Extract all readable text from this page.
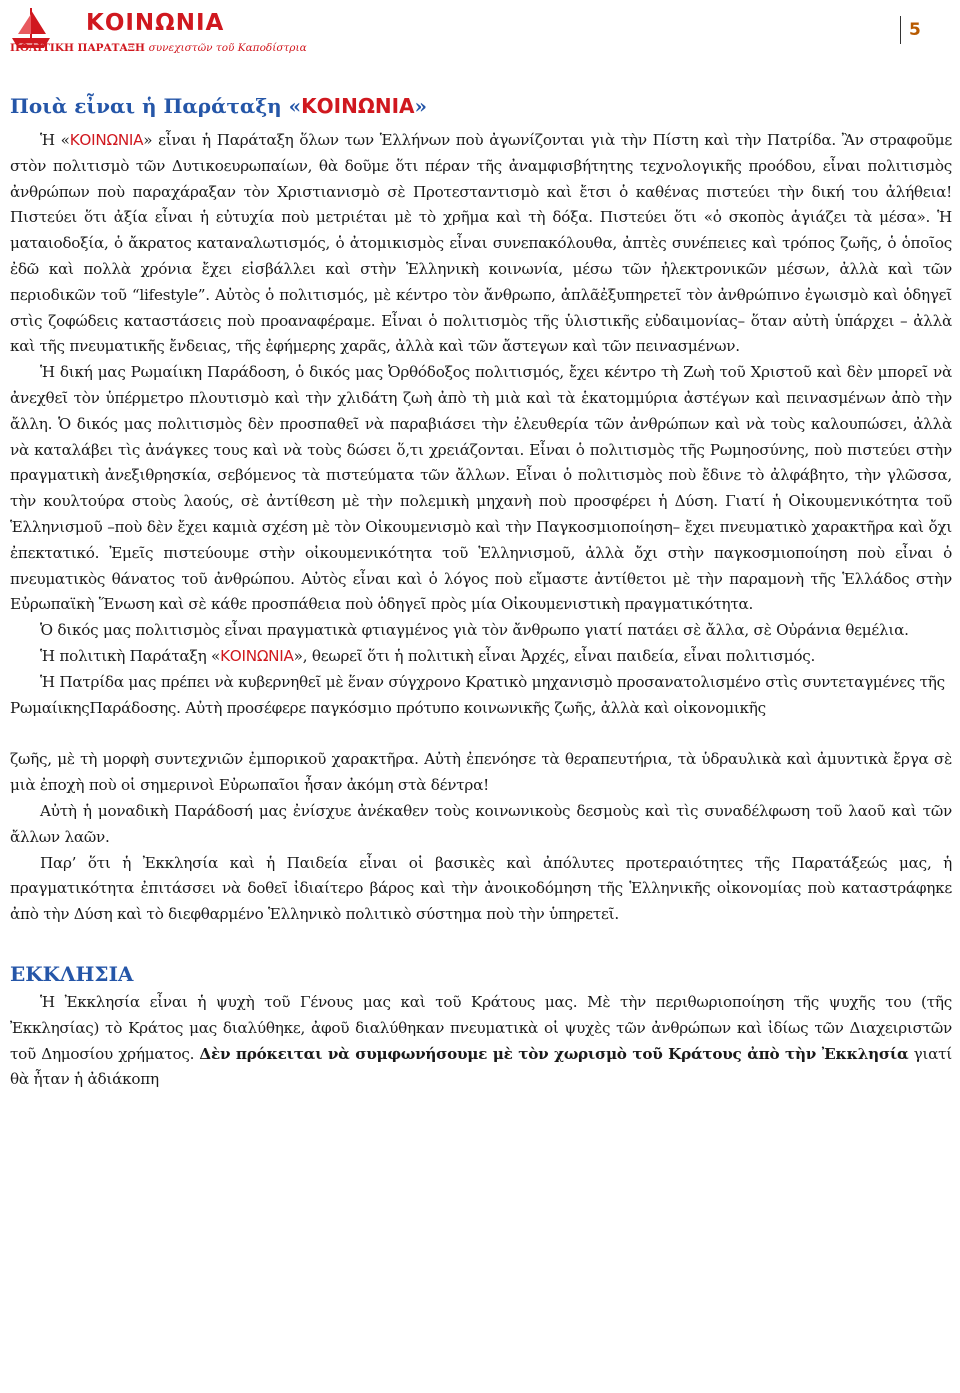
ΚΟΙΝΩΝΙΑ
ΠΟΛΙΤΙΚΗ ΠΑΡΑΤΑΞΗ συνεχιστῶν τοῦ Καποδίστρια
5
Ποιὰ εἶναι ἡ Παράταξη «ΚΟΙΝΩΝΙΑ»

Ἡ «ΚΟΙΝΩΝΙΑ» εἶναι ἡ Παράταξη ὅλων των Ἑλλήνων ποὺ ἀγωνίζονται γιὰ τὴν Πίστη καὶ τὴν Πατρίδα. Ἂν στραφοῦμε στὸν πολιτισμὸ τῶν Δυτικοευρωπαίων, θὰ δοῦμε ὅτι πέραν τῆς ἀναμφισβήτητης τεχνολογικῆς προόδου, εἶναι πολιτισμὸς ἀνθρώπων ποὺ παραχάραξαν τὸν Χριστιανισμὸ σὲ Προτεσταντισμὸ καὶ ἔτσι ὁ καθένας πιστεύει τὴν δική του ἀλήθεια! Πιστεύει ὅτι ἀξία εἶναι ἡ εὐτυχία ποὺ μετριέται μὲ τὸ χρῆμα καὶ τὴ δόξα. Πιστεύει ὅτι «ὁ σκοπὸς ἁγιάζει τὰ μέσα». Ἡ ματαιοδοξία, ὁ ἄκρατος καταναλωτισμός, ὁ ἀτομικισμὸς εἶναι συνεπακόλουθα, ἀπτὲς συνέπειες καὶ τρόπος ζωῆς, ὁ ὁποῖος ἐδῶ καὶ πολλὰ χρόνια ἔχει εἰσβάλλει καὶ στὴν Ἑλληνικὴ κοινωνία, μέσω τῶν ἠλεκτρονικῶν μέσων, ἀλλὰ καὶ τῶν περιοδικῶν τοῦ “lifestyle”. Αὐτὸς ὁ πολιτισμός, μὲ κέντρο τὸν ἄνθρωπο, ἀπλᾶἐξυπηρετεῖ τὸν ἀνθρώπινο ἐγωισμὸ καὶ ὁδηγεῖ στὶς ζοφώδεις καταστάσεις ποὺ προαναφέραμε. Εἶναι ὁ πολιτισμὸς τῆς ὑλιστικῆς εὐδαιμονίας– ὅταν αὐτὴ ὑπάρχει – ἀλλὰ καὶ τῆς πνευματικῆς ἔνδειας, τῆς ἐφήμερης χαρᾶς, ἀλλὰ καὶ τῶν ἄστεγων καὶ τῶν πεινασμένων.

Ἡ δική μας Ρωμαίικη Παράδοση, ὁ δικός μας Ὀρθόδοξος πολιτισμός, ἔχει κέντρο τὴ Ζωὴ τοῦ Χριστοῦ καὶ δὲν μπορεῖ νὰ ἀνεχθεῖ τὸν ὑπέρμετρο πλουτισμὸ καὶ τὴν χλιδάτη ζωὴ ἀπὸ τὴ μιὰ καὶ τὰ ἑκατομμύρια ἀστέγων καὶ πεινασμένων ἀπὸ τὴν ἄλλη. Ὁ δικός μας πολιτισμὸς δὲν προσπαθεῖ νὰ παραβιάσει τὴν ἐλευθερία τῶν ἀνθρώπων καὶ νὰ τοὺς καλουπώσει, ἀλλὰ νὰ καταλάβει τὶς ἀνάγκες τους καὶ νὰ τοὺς δώσει ὅ,τι χρειάζονται. Εἶναι ὁ πολιτισμὸς τῆς Ρωμηοσύνης, ποὺ πιστεύει στὴν πραγματικὴ ἀνεξιθρησκία, σεβόμενος τὰ πιστεύματα τῶν ἄλλων. Εἶναι ὁ πολιτισμὸς ποὺ ἔδινε τὸ ἀλφάβητο, τὴν γλῶσσα, τὴν κουλτούρα στοὺς λαούς, σὲ ἀντίθεση μὲ τὴν πολεμικὴ μηχανὴ ποὺ προσφέρει ἡ Δύση. Γιατί ἡ Οἰκουμενικότητα τοῦ Ἑλληνισμοῦ –ποὺ δὲν ἔχει καμιὰ σχέση μὲ τὸν Οἰκουμενισμὸ καὶ τὴν Παγκοσμιοποίηση– ἔχει πνευματικὸ χαρακτῆρα καὶ ὄχι ἐπεκτατικό. Ἐμεῖς πιστεύουμε στὴν οἰκουμενικότητα τοῦ Ἑλληνισμοῦ, ἀλλὰ ὄχι στὴν παγκοσμιοποίηση ποὺ εἶναι ὁ πνευματικὸς θάνατος τοῦ ἀνθρώπου. Αὐτὸς εἶναι καὶ ὁ λόγος ποὺ εἴμαστε ἀντίθετοι μὲ τὴν παραμονὴ τῆς Ἑλλάδος στὴν Εὐρωπαϊκὴ Ἕνωση καὶ σὲ κάθε προσπάθεια ποὺ ὁδηγεῖ πρὸς μία Οἰκουμενιστικὴ πραγματικότητα.

Ὁ δικός μας πολιτισμὸς εἶναι πραγματικὰ φτιαγμένος γιὰ τὸν ἄνθρωπο γιατί πατάει σὲ ἄλλα, σὲ Οὐράνια θεμέλια.

Ἡ πολιτικὴ Παράταξη «ΚΟΙΝΩΝΙΑ», θεωρεῖ ὅτι ἡ πολιτικὴ εἶναι Ἀρχές, εἶναι παιδεία, εἶναι πολιτισμός.

Ἡ Πατρίδα μας πρέπει νὰ κυβερνηθεῖ μὲ ἕναν σύγχρονο Κρατικὸ μηχανισμὸ προσανατολισμένο στὶς συντεταγμένες τῆς ΡωμαίικηςΠαράδοσης. Αὐτὴ προσέφερε παγκόσμιο πρότυπο κοινωνικῆς ζωῆς, ἀλλὰ καὶ οἰκονομικῆς

ζωῆς, μὲ τὴ μορφὴ συντεχνιῶν ἐμπορικοῦ χαρακτῆρα. Αὐτὴ ἐπενόησε τὰ θεραπευτήρια, τὰ ὑδραυλικὰ καὶ ἀμυντικὰ ἔργα σὲ μιὰ ἐποχὴ ποὺ οἱ σημερινοὶ Εὐρωπαῖοι ἦσαν ἀκόμη στὰ δέντρα!

Αὐτὴ ἡ μοναδικὴ Παράδοσή μας ἐνίσχυε ἀνέκαθεν τοὺς κοινωνικοὺς δεσμοὺς καὶ τὶς συναδέλφωση τοῦ λαοῦ καὶ τῶν ἄλλων λαῶν.

Παρ’ ὅτι ἡ Ἐκκλησία καὶ ἡ Παιδεία εἶναι οἱ βασικὲς καὶ ἀπόλυτες προτεραιότητες τῆς Παρατάξεώς μας, ἡ πραγματικότητα ἐπιτάσσει νὰ δοθεῖ ἰδιαίτερο βάρος καὶ τὴν ἀνοικοδόμηση τῆς Ἑλληνικῆς οἰκονομίας ποὺ καταστράφηκε ἀπὸ τὴν Δύση καὶ τὸ διεφθαρμένο Ἑλληνικὸ πολιτικὸ σύστημα ποὺ τὴν ὑπηρετεῖ.

ΕΚΚΛΗΣΙΑ

Ἡ Ἐκκλησία εἶναι ἡ ψυχὴ τοῦ Γένους μας καὶ τοῦ Κράτους μας. Μὲ τὴν περιθωριοποίηση τῆς ψυχῆς του (τῆς Ἐκκλησίας) τὸ Κράτος μας διαλύθηκε, ἀφοῦ διαλύθηκαν πνευματικὰ οἱ ψυχὲς τῶν ἀνθρώπων καὶ ἰδίως τῶν Διαχειριστῶν τοῦ Δημοσίου χρήματος. Δὲν πρόκειται νὰ συμφωνήσουμε μὲ τὸν χωρισμὸ τοῦ Κράτους ἀπὸ τὴν Ἐκκλησία γιατί θὰ ἦταν ἡ ἀδιάκοπη
